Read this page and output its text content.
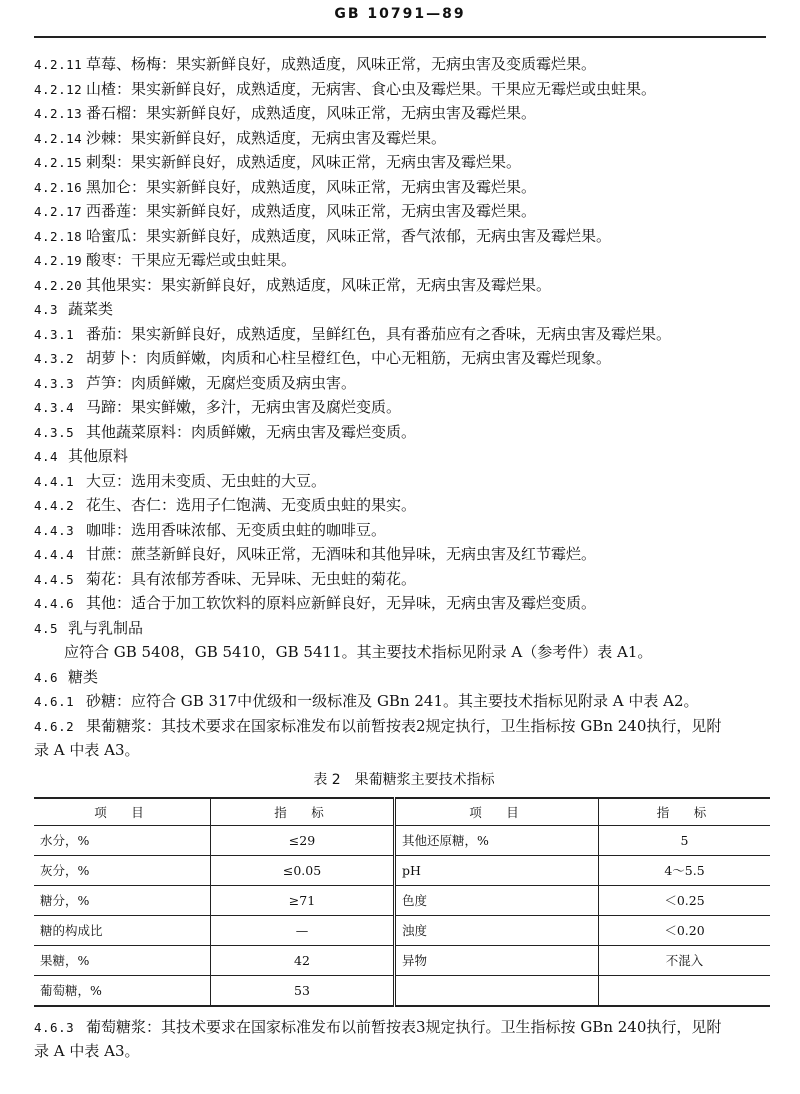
GB 10791—89
4.2.11 草莓、杨梅：果实新鲜良好，成熟适度，风味正常，无病虫害及变质霉烂果。
4.2.12 山楂：果实新鲜良好，成熟适度，无病害、食心虫及霉烂果。干果应无霉烂或虫蛀果。
4.2.13 番石榴：果实新鲜良好，成熟适度，风味正常，无病虫害及霉烂果。
4.2.14 沙棘：果实新鲜良好，成熟适度，无病虫害及霉烂果。
4.2.15 刺梨：果实新鲜良好，成熟适度，风味正常，无病虫害及霉烂果。
4.2.16 黑加仑：果实新鲜良好，成熟适度，风味正常，无病虫害及霉烂果。
4.2.17 西番莲：果实新鲜良好，成熟适度，风味正常，无病虫害及霉烂果。
4.2.18 哈蜜瓜：果实新鲜良好，成熟适度，风味正常，香气浓郁，无病虫害及霉烂果。
4.2.19 酸枣：干果应无霉烂或虫蛀果。
4.2.20 其他果实：果实新鲜良好，成熟适度，风味正常，无病虫害及霉烂果。
4.3 蔬菜类
4.3.1 番茄：果实新鲜良好，成熟适度，呈鲜红色，具有番茄应有之香味，无病虫害及霉烂果。
4.3.2 胡萝卜：肉质鲜嫩，肉质和心柱呈橙红色，中心无粗筋，无病虫害及霉烂现象。
4.3.3 芦笋：肉质鲜嫩，无腐烂变质及病虫害。
4.3.4 马蹄：果实鲜嫩，多汁，无病虫害及腐烂变质。
4.3.5 其他蔬菜原料：肉质鲜嫩，无病虫害及霉烂变质。
4.4 其他原料
4.4.1 大豆：选用未变质、无虫蛀的大豆。
4.4.2 花生、杏仁：选用子仁饱满、无变质虫蛀的果实。
4.4.3 咖啡：选用香味浓郁、无变质虫蛀的咖啡豆。
4.4.4 甘蔗：蔗茎新鲜良好，风味正常，无酒味和其他异味，无病虫害及红节霉烂。
4.4.5 菊花：具有浓郁芳香味、无异味、无虫蛀的菊花。
4.4.6 其他：适合于加工软饮料的原料应新鲜良好，无异味，无病虫害及霉烂变质。
4.5 乳与乳制品
应符合 GB 5408，GB 5410，GB 5411。其主要技术指标见附录 A（参考件）表 A1。
4.6 糖类
4.6.1 砂糖：应符合 GB 317中优级和一级标准及 GBn 241。其主要技术指标见附录 A 中表 A2。
4.6.2 果葡糖浆：其技术要求在国家标准发布以前暂按表2规定执行，卫生指标按 GBn 240执行，见附
录 A 中表 A3。
表 2　果葡糖浆主要技术指标
项　目	指　标	项　目	指　标
水分，%	≤29	其他还原糖，%	5
灰分，%	≤0.05	pH	4～5.5
糖分，%	≥71	色度	＜0.25
糖的构成比	—	浊度	＜0.20
果糖，%	42	异物	不混入
葡萄糖，%	53		
4.6.3 葡萄糖浆：其技术要求在国家标准发布以前暂按表3规定执行。卫生指标按 GBn 240执行，见附
录 A 中表 A3。
